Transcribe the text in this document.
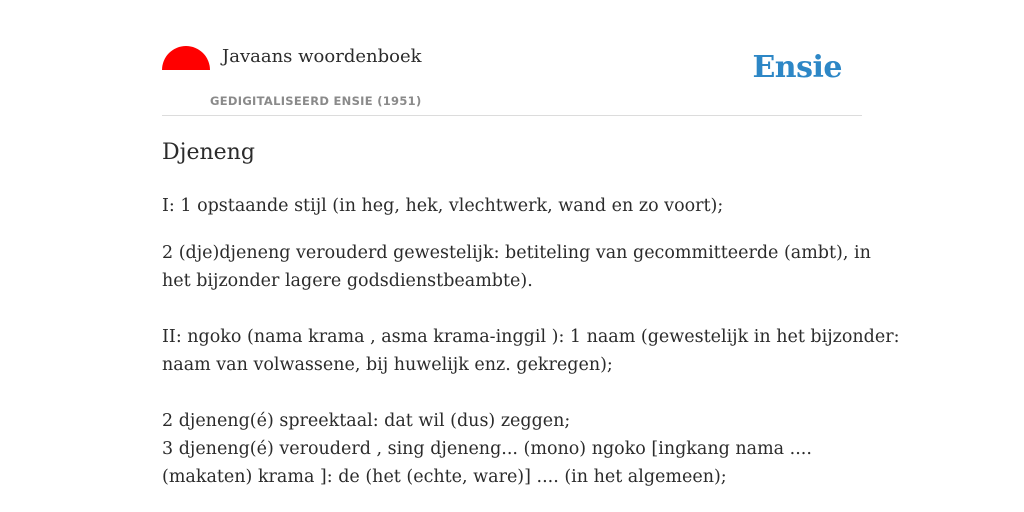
Javaans woordenboek
GEDIGITALISEERD ENSIE (1951)
Ensie
Djeneng

I: 1 opstaande stijl (in heg, hek, vlechtwerk, wand en zo voort);

2 (dje)djeneng verouderd gewestelijk: betiteling van gecommitteerde (ambt), in

het bijzonder lagere godsdienstbeambte).

II: ngoko (nama krama , asma krama-inggil ): 1 naam (gewestelijk in het bijzonder:

naam van volwassene, bij huwelijk enz. gekregen);

2 djeneng(é) spreektaal: dat wil (dus) zeggen;

3 djeneng(é) verouderd , sing djeneng... (mono) ngoko [ingkang nama ....

(makaten) krama ]: de (het (echte, ware)] .... (in het algemeen);
